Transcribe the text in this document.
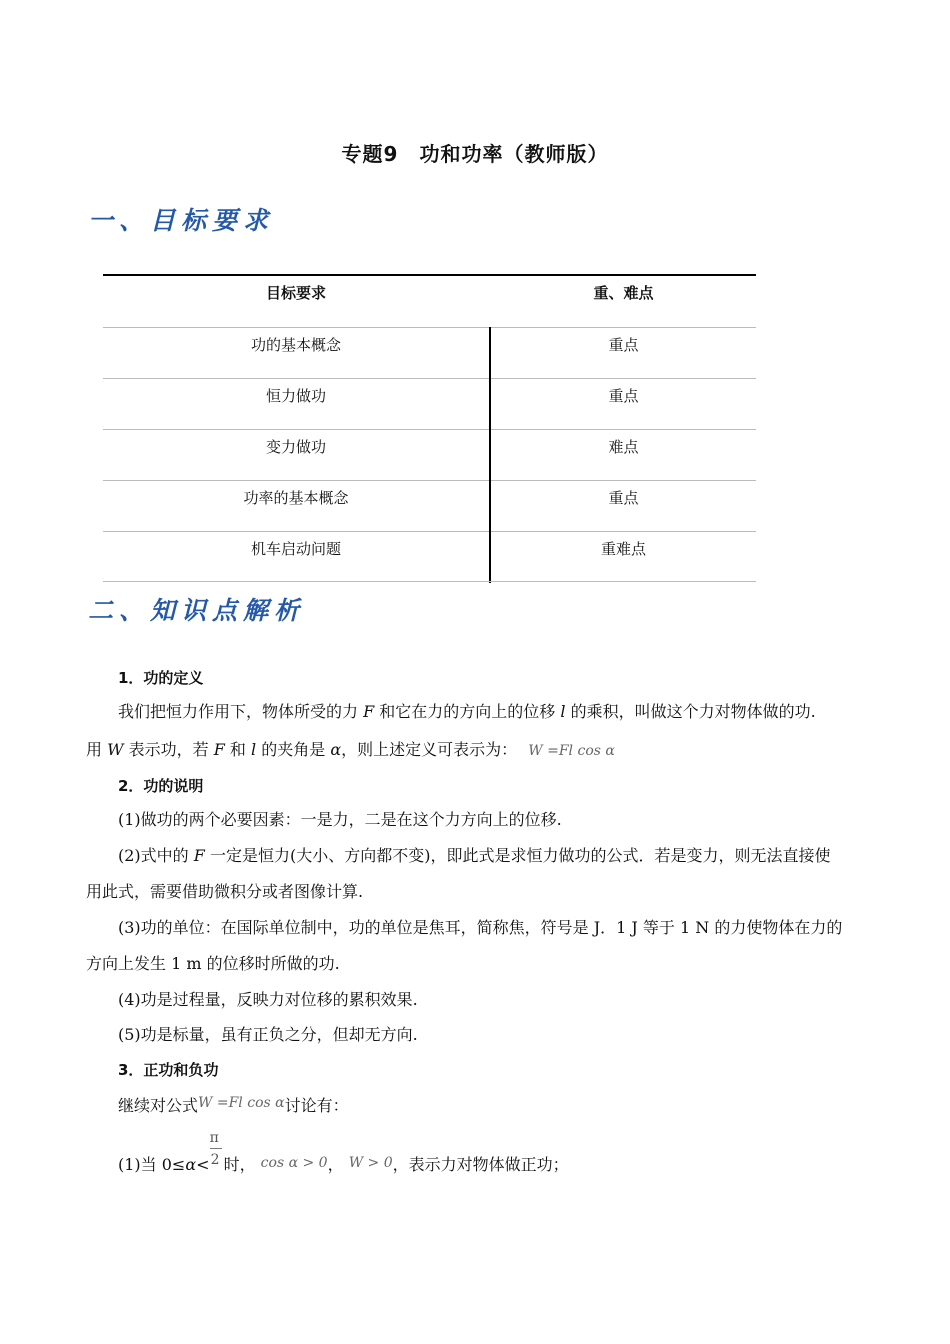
专题9　功和功率（教师版）
一、目标要求
目标要求	重、难点
功的基本概念	重点
恒力做功	重点
变力做功	难点
功率的基本概念	重点
机车启动问题	重难点
二、知识点解析
1．功的定义
我们把恒力作用下，物体所受的力 F 和它在力的方向上的位移 l 的乘积，叫做这个力对物体做的功.
用 W 表示功，若 F 和 l 的夹角是 α，则上述定义可表示为： W =Fl cos α
2．功的说明
(1)做功的两个必要因素：一是力，二是在这个力方向上的位移.
(2)式中的 F 一定是恒力(大小、方向都不变)，即此式是求恒力做功的公式．若是变力，则无法直接使
用此式，需要借助微积分或者图像计算.
(3)功的单位：在国际单位制中，功的单位是焦耳，简称焦，符号是 J．1 J 等于 1 N 的力使物体在力的
方向上发生 1 m 的位移时所做的功.
(4)功是过程量，反映力对位移的累积效果.
(5)功是标量，虽有正负之分，但却无方向.
3．正功和负功
继续对公式W =Fl cos α讨论有：
(1)当 $0\le\alpha< \frac{\pi}{2}$ 时， cos α > 0， W > 0，表示力对物体做正功；
